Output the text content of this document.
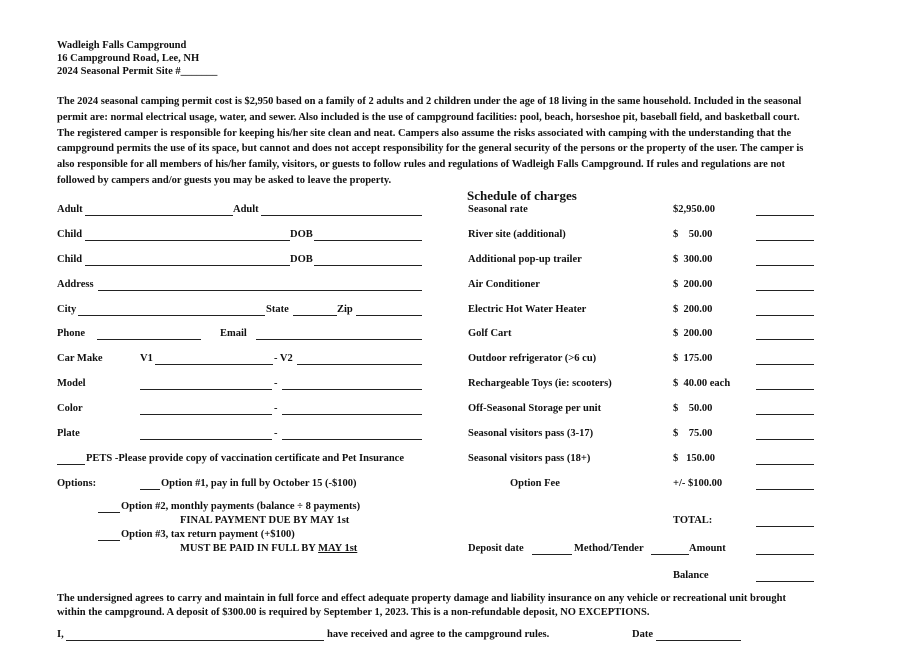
Wadleigh Falls Campground
16 Campground Road, Lee, NH
2024 Seasonal Permit Site #_______
The 2024 seasonal camping permit cost is $2,950 based on a family of 2 adults and 2 children under the age of 18 living in the same household. Included in the seasonal
permit are: normal electrical usage, water, and sewer. Also included is the use of campground facilities: pool, beach, horseshoe pit, baseball field, and basketball court.
The registered camper is responsible for keeping his/her site clean and neat. Campers also assume the risks associated with camping with the understanding that the
campground permits the use of its space, but cannot and does not accept responsibility for the general security of the persons or the property of the user. The camper is
also responsible for all members of his/her family, visitors, or guests to follow rules and regulations of Wadleigh Falls Campground. If rules and regulations are not
followed by campers and/or guests you may be asked to leave the property.
Schedule of charges
Adult	Adult
Child	DOB
Child	DOB
Address
City	State	Zip
Phone	Email
Car Make	V1	- V2
Model	-
Color	-
Plate	-
PETS -Please provide copy of vaccination certificate and Pet Insurance
Options:	Option #1, pay in full by October 15 (-$100)
Option #2, monthly payments (balance ÷ 8 payments)
FINAL PAYMENT DUE BY MAY 1st
Option #3, tax return payment (+$100)
MUST BE PAID IN FULL BY MAY 1st
Seasonal rate	$2,950.00
River site (additional)	$    50.00
Additional pop-up trailer	$  300.00
Air Conditioner	$  200.00
Electric Hot Water Heater	$  200.00
Golf Cart	$  200.00
Outdoor refrigerator (>6 cu)	$  175.00
Rechargeable Toys (ie: scooters)	$  40.00 each
Off-Seasonal Storage per unit	$    50.00
Seasonal visitors pass (3-17)	$    75.00
Seasonal visitors pass (18+)	$   150.00
Option Fee	+/- $100.00
TOTAL:
Deposit date	Method/Tender	Amount
Balance
The undersigned agrees to carry and maintain in full force and effect adequate property damage and liability insurance on any vehicle or recreational unit brought
within the campground. A deposit of $300.00 is required by September 1, 2023. This is a non-refundable deposit, NO EXCEPTIONS.
I,	have received and agree to the campground rules.	Date
